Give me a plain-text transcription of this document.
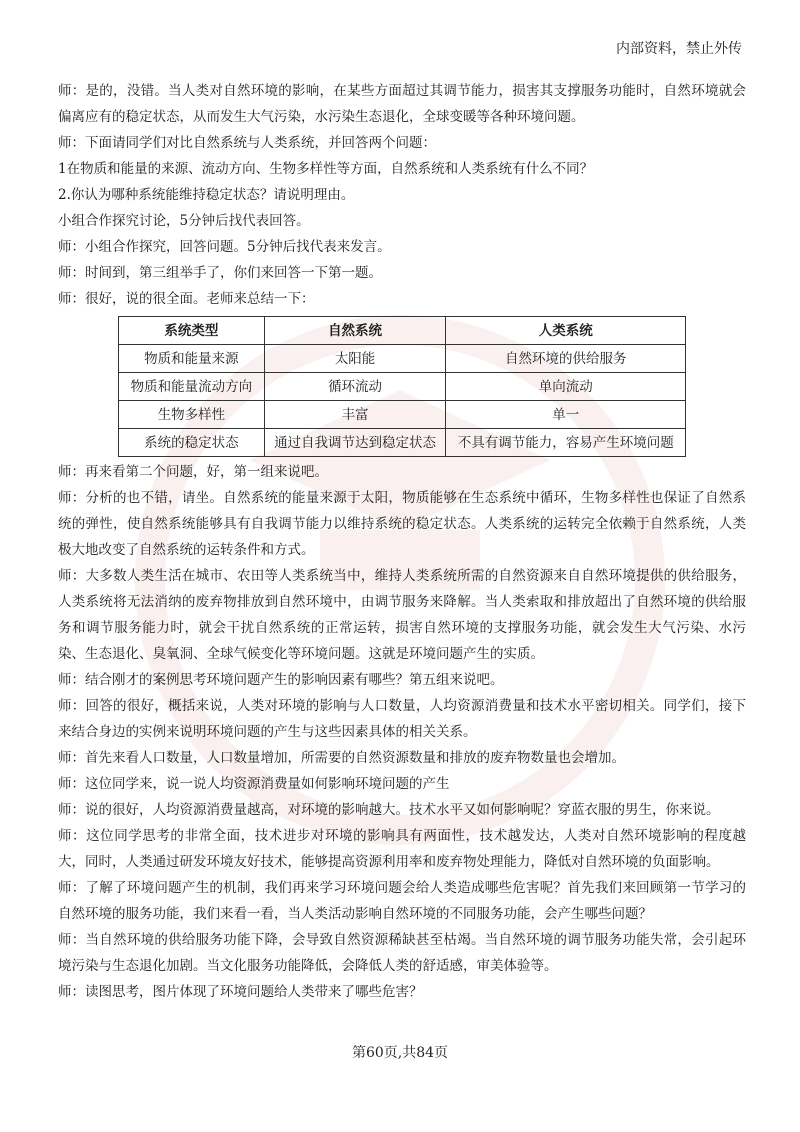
内部资料，禁止外传

师：是的，没错。当人类对自然环境的影响，在某些方面超过其调节能力，损害其支撑服务功能时，自然环境就会偏离应有的稳定状态，从而发生大气污染，水污染生态退化，全球变暖等各种环境问题。

师：下面请同学们对比自然系统与人类系统，并回答两个问题：

1在物质和能量的来源、流动方向、生物多样性等方面，自然系统和人类系统有什么不同？

2.你认为哪种系统能维持稳定状态？请说明理由。

小组合作探究讨论，5分钟后找代表回答。

师：小组合作探究，回答问题。5分钟后找代表来发言。

师：时间到，第三组举手了，你们来回答一下第一题。

师：很好，说的很全面。老师来总结一下：

系统类型	自然系统	人类系统
物质和能量来源	太阳能	自然环境的供给服务
物质和能量流动方向	循环流动	单向流动
生物多样性	丰富	单一
系统的稳定状态	通过自我调节达到稳定状态	不具有调节能力，容易产生环境问题

师：再来看第二个问题，好，第一组来说吧。

师：分析的也不错，请坐。自然系统的能量来源于太阳，物质能够在生态系统中循环，生物多样性也保证了自然系统的弹性，使自然系统能够具有自我调节能力以维持系统的稳定状态。人类系统的运转完全依赖于自然系统，人类极大地改变了自然系统的运转条件和方式。

师：大多数人类生活在城市、农田等人类系统当中，维持人类系统所需的自然资源来自自然环境提供的供给服务，人类系统将无法消纳的废弃物排放到自然环境中，由调节服务来降解。当人类索取和排放超出了自然环境的供给服务和调节服务能力时，就会干扰自然系统的正常运转，损害自然环境的支撑服务功能，就会发生大气污染、水污染、生态退化、臭氧洞、全球气候变化等环境问题。这就是环境问题产生的实质。

师：结合刚才的案例思考环境问题产生的影响因素有哪些？第五组来说吧。

师：回答的很好，概括来说，人类对环境的影响与人口数量，人均资源消费量和技术水平密切相关。同学们，接下来结合身边的实例来说明环境问题的产生与这些因素具体的相关关系。

师：首先来看人口数量，人口数量增加，所需要的自然资源数量和排放的废弃物数量也会增加。

师：这位同学来，说一说人均资源消费量如何影响环境问题的产生

师：说的很好，人均资源消费量越高，对环境的影响越大。技术水平又如何影响呢？穿蓝衣服的男生，你来说。

师：这位同学思考的非常全面，技术进步对环境的影响具有两面性，技术越发达，人类对自然环境影响的程度越大，同时，人类通过研发环境友好技术，能够提高资源利用率和废弃物处理能力，降低对自然环境的负面影响。

师：了解了环境问题产生的机制，我们再来学习环境问题会给人类造成哪些危害呢？首先我们来回顾第一节学习的自然环境的服务功能，我们来看一看，当人类活动影响自然环境的不同服务功能，会产生哪些问题？

师：当自然环境的供给服务功能下降，会导致自然资源稀缺甚至枯竭。当自然环境的调节服务功能失常，会引起环境污染与生态退化加剧。当文化服务功能降低，会降低人类的舒适感，审美体验等。

师：读图思考，图片体现了环境问题给人类带来了哪些危害？

第60页,共84页
